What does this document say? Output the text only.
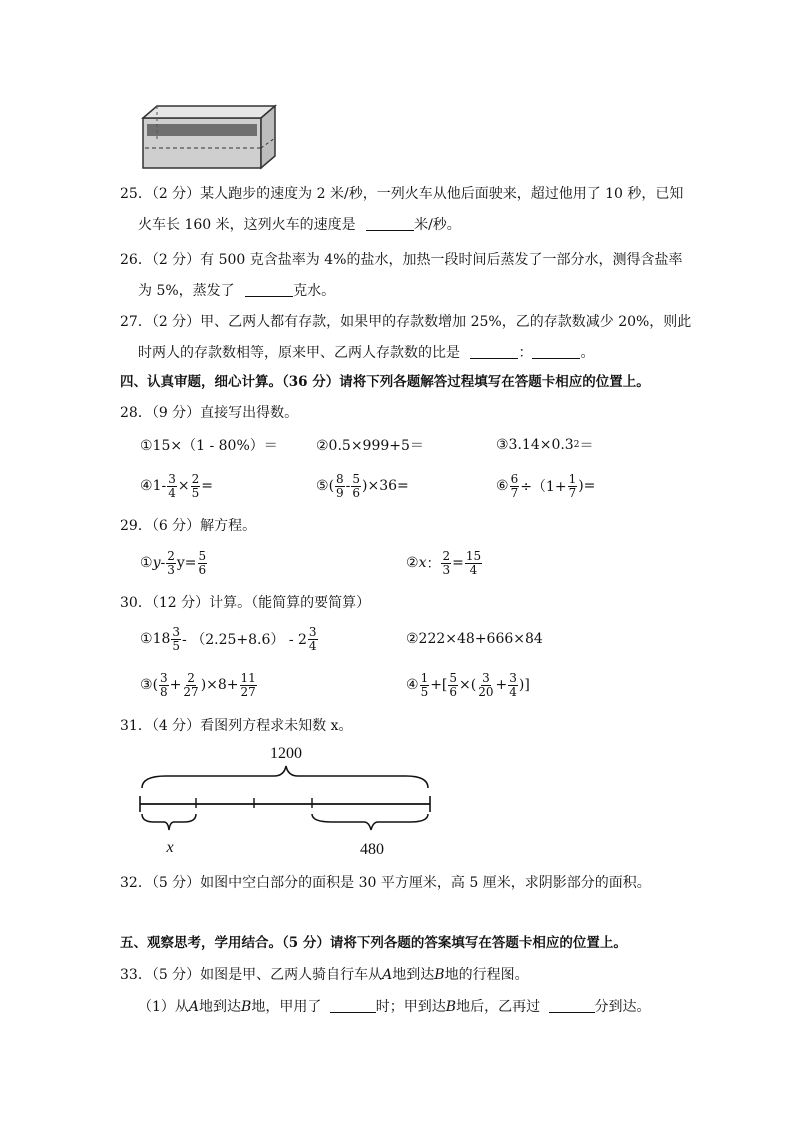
25．（2 分）某人跑步的速度为 2 米/秒，一列火车从他后面驶来，超过他用了 10 秒，已知
火车长 160 米，这列火车的速度是	米/秒。
26．（2 分）有 500 克含盐率为 4%的盐水，加热一段时间后蒸发了一部分水，测得含盐率
为 5%，蒸发了	克水。
27．（2 分）甲、乙两人都有存款，如果甲的存款数增加 25%，乙的存款数减少 20%，则此
时两人的存款数相等，原来甲、乙两人存款数的比是	：	。
四、认真审题，细心计算。（36 分）请将下列各题解答过程填写在答题卡相应的位置上。
28．（9 分）直接写出得数。
①15×（1 - 80%）＝	②0.5×999+5＝	③3.14×0.3 2 ＝
④ $1 - \frac{3}{4} \times \frac{2}{5}$ =	⑤ ( $\frac{8}{9} - \frac{5}{6} )\times 36=$	⑥ $\frac{6}{7} \div(1+ \frac{1}{7}$ )=
29．（6 分）解方程。
① $y - \frac{2}{3} y= \frac{5}{6}$	② x ： $\frac{2}{3} = \frac{15}{4}$
30．（12 分）计算。（能简算的要简算）
① $18 \frac{3}{5} - (2.25+8.6) - 2 \frac{3}{4}$	②222×48+666×84
③ ( $\frac{3}{8} + \frac{2}{27} )\times 8+ \frac{11}{27}$	④ $\frac{1}{5}$ +[ $\frac{5}{6}$ ×( $\frac{3}{20} + \frac{3}{4}$ )]
31．（4 分）看图列方程求未知数 x。
1200
x	480
32．（5 分）如图中空白部分的面积是 30 平方厘米，高 5 厘米，求阴影部分的面积。
五、观察思考，学用结合。（5 分）请将下列各题的答案填写在答题卡相应的位置上。
33．（5 分）如图是甲、乙两人骑自行车从A地到达B地的行程图。
（1）从A地到达B地，甲用了	时；甲到达B地后，乙再过	分到达。
